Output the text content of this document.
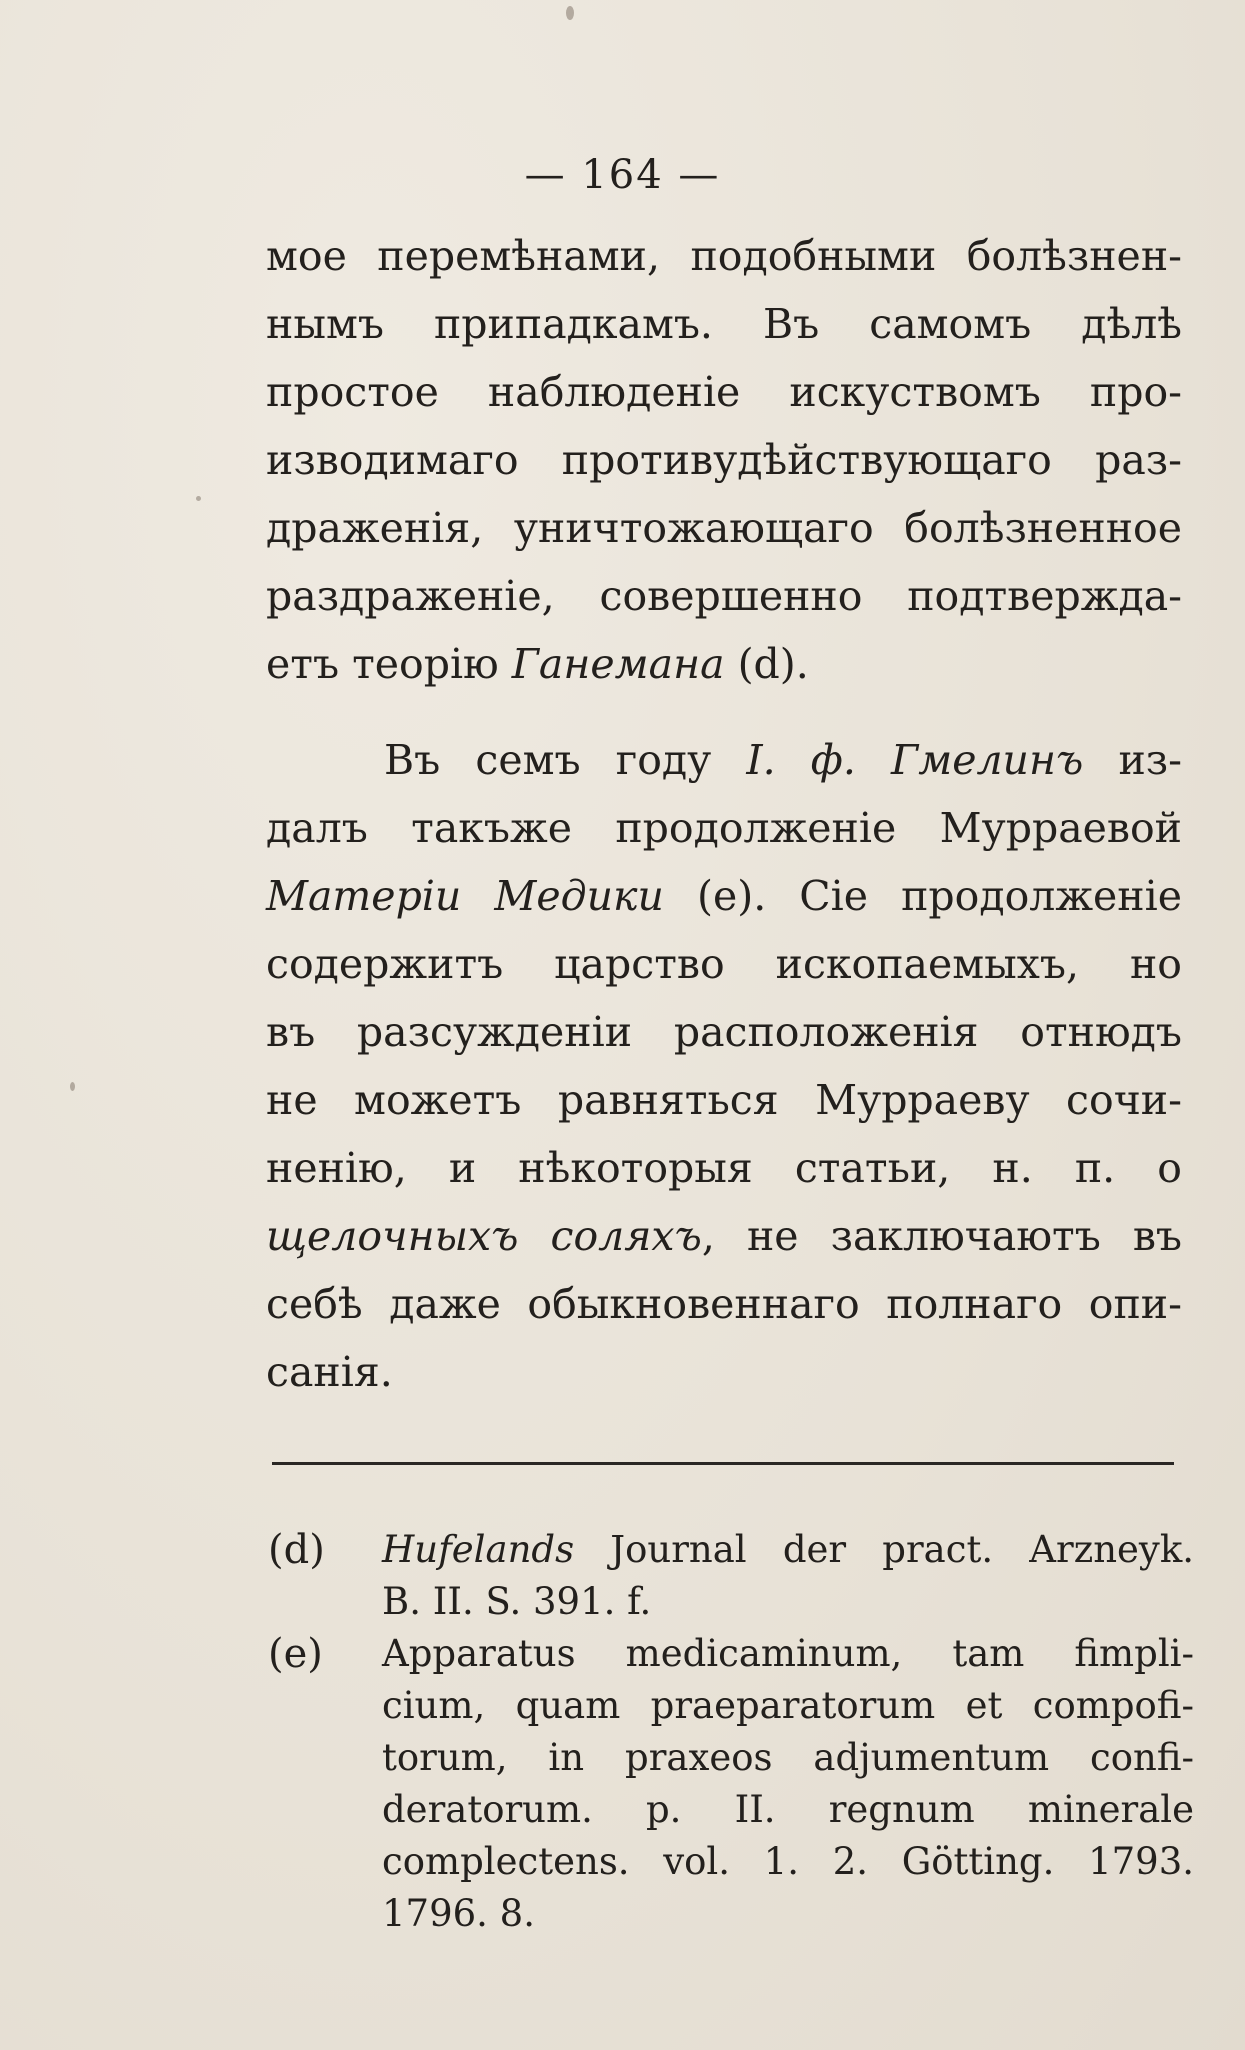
— 164 —
мое перемѣнами, подобными болѣзнен-
нымъ припадкамъ. Въ самомъ дѣлѣ
простое наблюденіе искуствомъ про-
изводимаго противудѣйствующаго раз-
драженія, уничтожающаго болѣзненное
раздраженіе, совершенно подтвержда-
етъ теорію Ганемана (d).
Въ семъ году I. ф. Гмелинъ из-
далъ такъже продолженіе Мурраевой
Матеріи Медики (e). Сіе продолженіе
содержитъ царство ископаемыхъ, но
въ разсужденіи расположенія отнюдъ
не можетъ равняться Мурраеву сочи-
ненію, и нѣкоторыя статьи, н. п. о
щелочныхъ соляхъ, не заключаютъ въ
себѣ даже обыкновеннаго полнаго опи-
санія.
(d) Hufelands Journal der pract. Arzneyk.
B. II. S. 391. f.
(e) Apparatus medicaminum, tam fimpli-
cium, quam praeparatorum et compofi-
torum, in praxeos adjumentum confi-
deratorum. p. II. regnum minerale
complectens. vol. 1. 2. Götting. 1793.
1796. 8.
